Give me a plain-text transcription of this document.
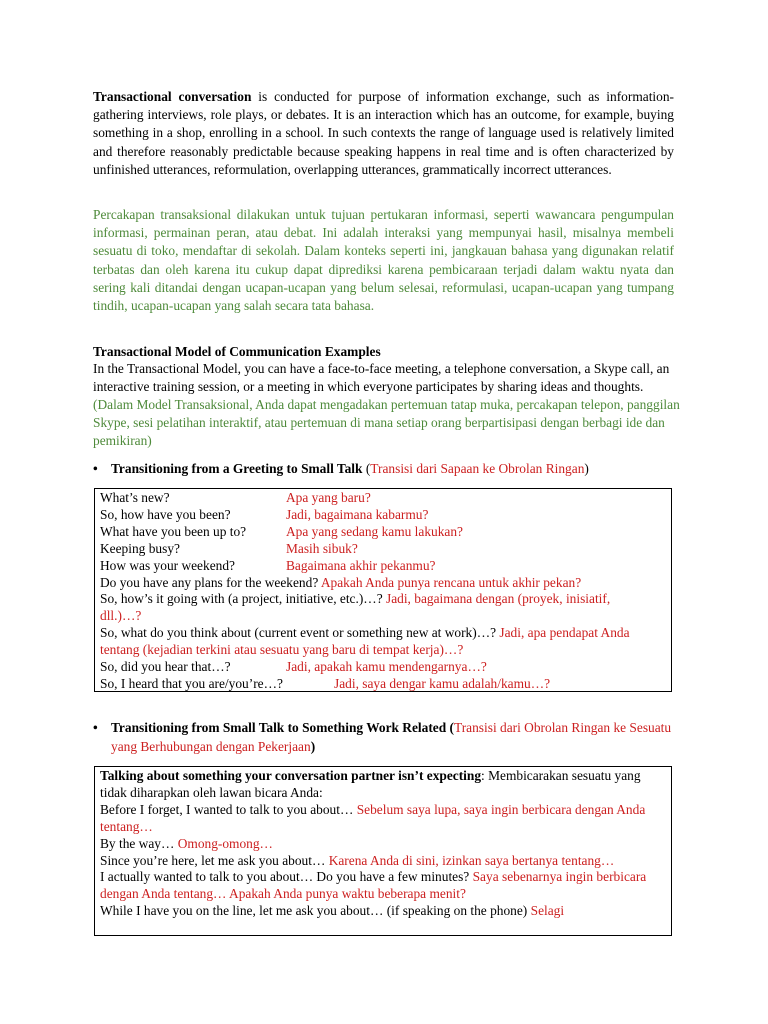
Transactional conversation is conducted for purpose of information exchange, such as information-gathering interviews, role plays, or debates. It is an interaction which has an outcome, for example, buying something in a shop, enrolling in a school. In such contexts the range of language used is relatively limited and therefore reasonably predictable because speaking happens in real time and is often characterized by unfinished utterances, reformulation, overlapping utterances, grammatically incorrect utterances.

Percakapan transaksional dilakukan untuk tujuan pertukaran informasi, seperti wawancara pengumpulan informasi, permainan peran, atau debat. Ini adalah interaksi yang mempunyai hasil, misalnya membeli sesuatu di toko, mendaftar di sekolah. Dalam konteks seperti ini, jangkauan bahasa yang digunakan relatif terbatas dan oleh karena itu cukup dapat diprediksi karena pembicaraan terjadi dalam waktu nyata dan sering kali ditandai dengan ucapan-ucapan yang belum selesai, reformulasi, ucapan-ucapan yang tumpang tindih, ucapan-ucapan yang salah secara tata bahasa.

Transactional Model of Communication Examples

In the Transactional Model, you can have a face-to-face meeting, a telephone conversation, a Skype call, an interactive training session, or a meeting in which everyone participates by sharing ideas and thoughts. (Dalam Model Transaksional, Anda dapat mengadakan pertemuan tatap muka, percakapan telepon, panggilan Skype, sesi pelatihan interaktif, atau pertemuan di mana setiap orang berpartisipasi dengan berbagi ide dan pemikiran)

• Transitioning from a Greeting to Small Talk (Transisi dari Sapaan ke Obrolan Ringan)
What’s new?	Apa yang baru?
So, how have you been?	Jadi, bagaimana kabarmu?
What have you been up to?	Apa yang sedang kamu lakukan?
Keeping busy?	Masih sibuk?
How was your weekend?	Bagaimana akhir pekanmu?
Do you have any plans for the weekend? Apakah Anda punya rencana untuk akhir pekan?
So, how’s it going with (a project, initiative, etc.)…? Jadi, bagaimana dengan (proyek, inisiatif, dll.)…?
So, what do you think about (current event or something new at work)…? Jadi, apa pendapat Anda tentang (kejadian terkini atau sesuatu yang baru di tempat kerja)…?
So, did you hear that…?	Jadi, apakah kamu mendengarnya…?
So, I heard that you are/you’re…?	Jadi, saya dengar kamu adalah/kamu…?
• Transitioning from Small Talk to Something Work Related (Transisi dari Obrolan Ringan ke Sesuatu yang Berhubungan dengan Pekerjaan)
Talking about something your conversation partner isn’t expecting: Membicarakan sesuatu yang tidak diharapkan oleh lawan bicara Anda:
Before I forget, I wanted to talk to you about… Sebelum saya lupa, saya ingin berbicara dengan Anda tentang…
By the way… Omong-omong…
Since you’re here, let me ask you about… Karena Anda di sini, izinkan saya bertanya tentang…
I actually wanted to talk to you about… Do you have a few minutes? Saya sebenarnya ingin berbicara dengan Anda tentang… Apakah Anda punya waktu beberapa menit?
While I have you on the line, let me ask you about… (if speaking on the phone) Selagi
